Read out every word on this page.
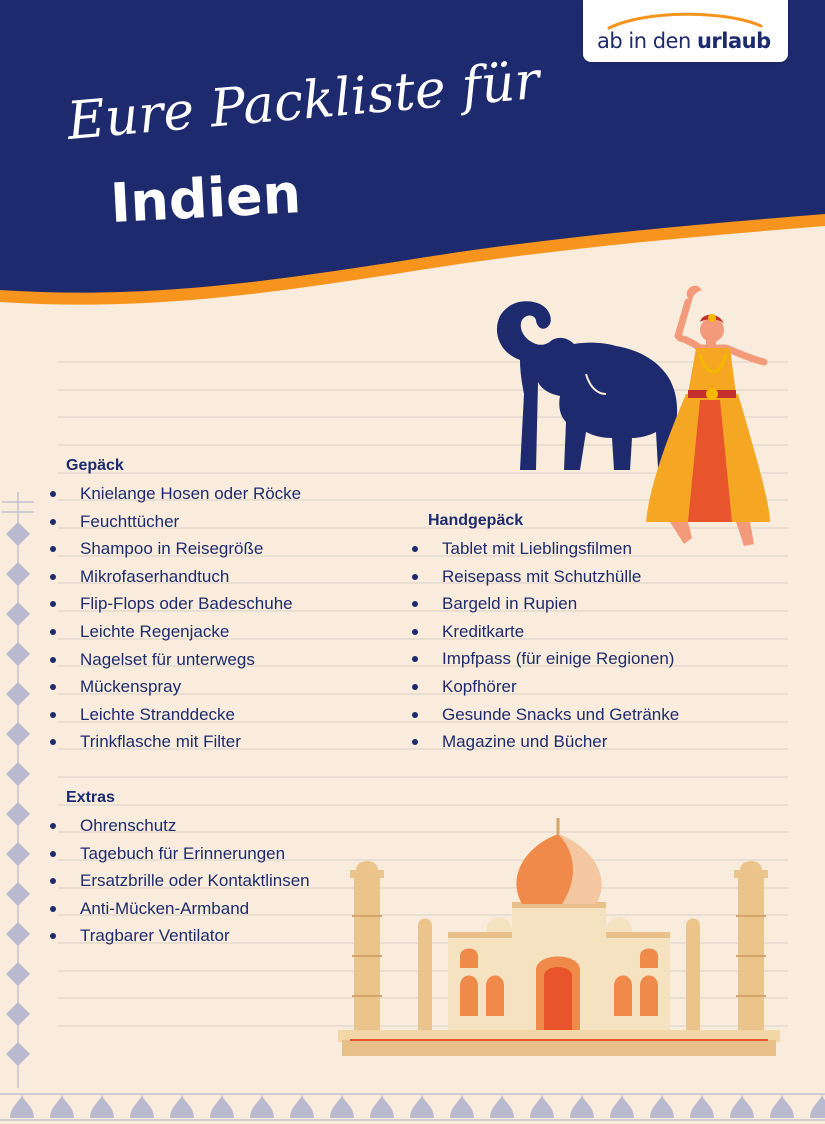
ab in den urlaub
Eure Packliste für
Indien
Gepäck
Knielange Hosen oder Röcke
Feuchttücher
Shampoo in Reisegröße
Mikrofaserhandtuch
Flip-Flops oder Badeschuhe
Leichte Regenjacke
Nagelset für unterwegs
Mückenspray
Leichte Stranddecke
Trinkflasche mit Filter
Handgepäck
Tablet mit Lieblingsfilmen
Reisepass mit Schutzhülle
Bargeld in Rupien
Kreditkarte
Impfpass (für einige Regionen)
Kopfhörer
Gesunde Snacks und Getränke
Magazine und Bücher
Extras
Ohrenschutz
Tagebuch für Erinnerungen
Ersatzbrille oder Kontaktlinsen
Anti-Mücken-Armband
Tragbarer Ventilator
